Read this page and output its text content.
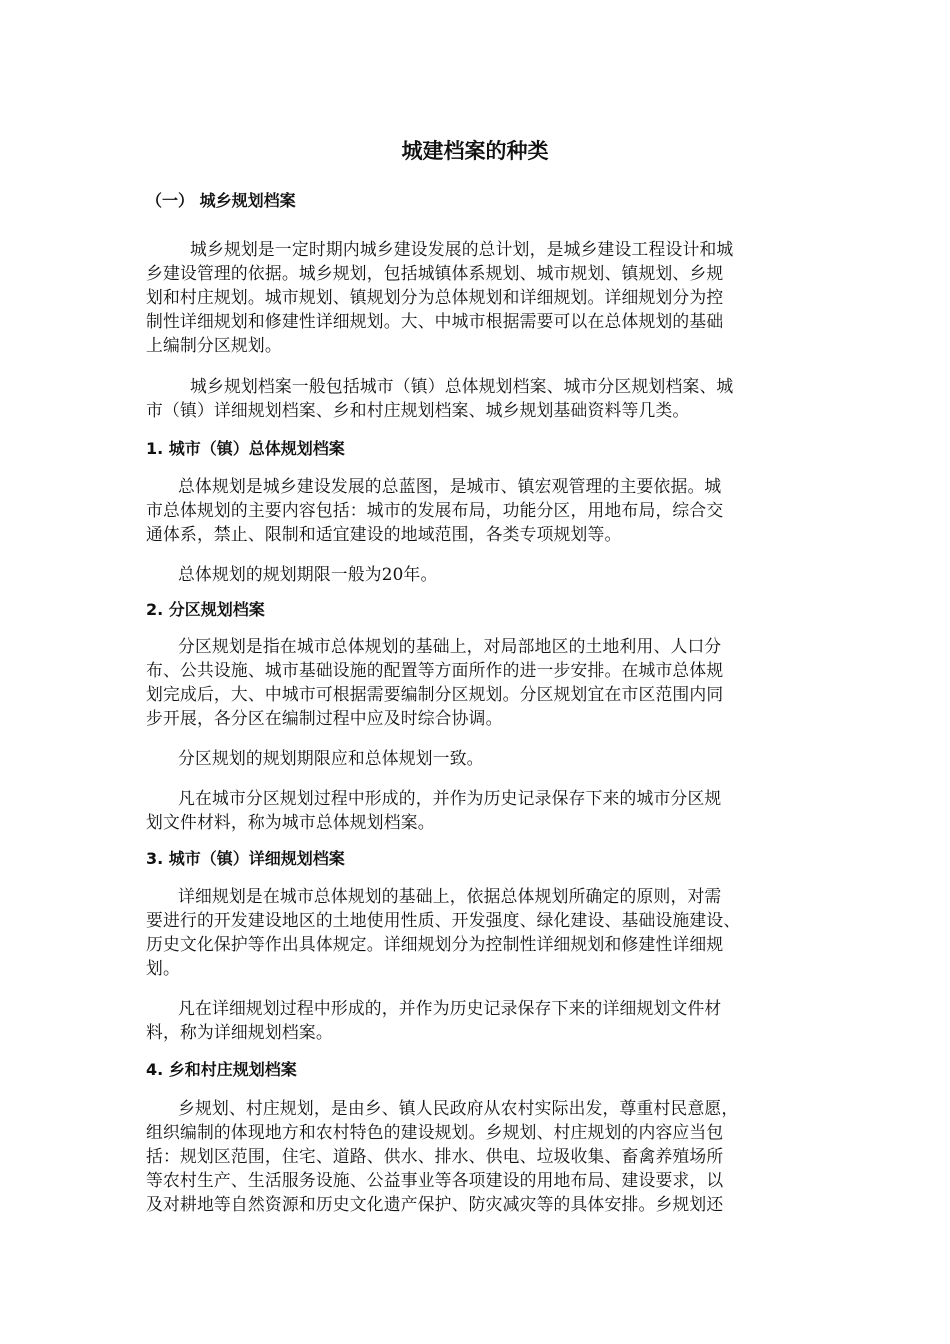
城建档案的种类
（一） 城乡规划档案

城乡规划是一定时期内城乡建设发展的总计划，是城乡建设工程设计和城
乡建设管理的依据。城乡规划，包括城镇体系规划、城市规划、镇规划、乡规
划和村庄规划。城市规划、镇规划分为总体规划和详细规划。详细规划分为控
制性详细规划和修建性详细规划。大、中城市根据需要可以在总体规划的基础
上编制分区规划。

城乡规划档案一般包括城市（镇）总体规划档案、城市分区规划档案、城
市（镇）详细规划档案、乡和村庄规划档案、城乡规划基础资料等几类。

1. 城市（镇）总体规划档案

总体规划是城乡建设发展的总蓝图，是城市、镇宏观管理的主要依据。城
市总体规划的主要内容包括：城市的发展布局，功能分区，用地布局，综合交
通体系，禁止、限制和适宜建设的地域范围，各类专项规划等。

总体规划的规划期限一般为20年。

2. 分区规划档案

分区规划是指在城市总体规划的基础上，对局部地区的土地利用、人口分
布、公共设施、城市基础设施的配置等方面所作的进一步安排。在城市总体规
划完成后，大、中城市可根据需要编制分区规划。分区规划宜在市区范围内同
步开展，各分区在编制过程中应及时综合协调。

分区规划的规划期限应和总体规划一致。

凡在城市分区规划过程中形成的，并作为历史记录保存下来的城市分区规
划文件材料，称为城市总体规划档案。

3. 城市（镇）详细规划档案

详细规划是在城市总体规划的基础上，依据总体规划所确定的原则，对需
要进行的开发建设地区的土地使用性质、开发强度、绿化建设、基础设施建设、
历史文化保护等作出具体规定。详细规划分为控制性详细规划和修建性详细规
划。

凡在详细规划过程中形成的，并作为历史记录保存下来的详细规划文件材
料，称为详细规划档案。

4. 乡和村庄规划档案

乡规划、村庄规划，是由乡、镇人民政府从农村实际出发，尊重村民意愿，
组织编制的体现地方和农村特色的建设规划。乡规划、村庄规划的内容应当包
括：规划区范围，住宅、道路、供水、排水、供电、垃圾收集、畜禽养殖场所
等农村生产、生活服务设施、公益事业等各项建设的用地布局、建设要求，以
及对耕地等自然资源和历史文化遗产保护、防灾减灾等的具体安排。乡规划还
